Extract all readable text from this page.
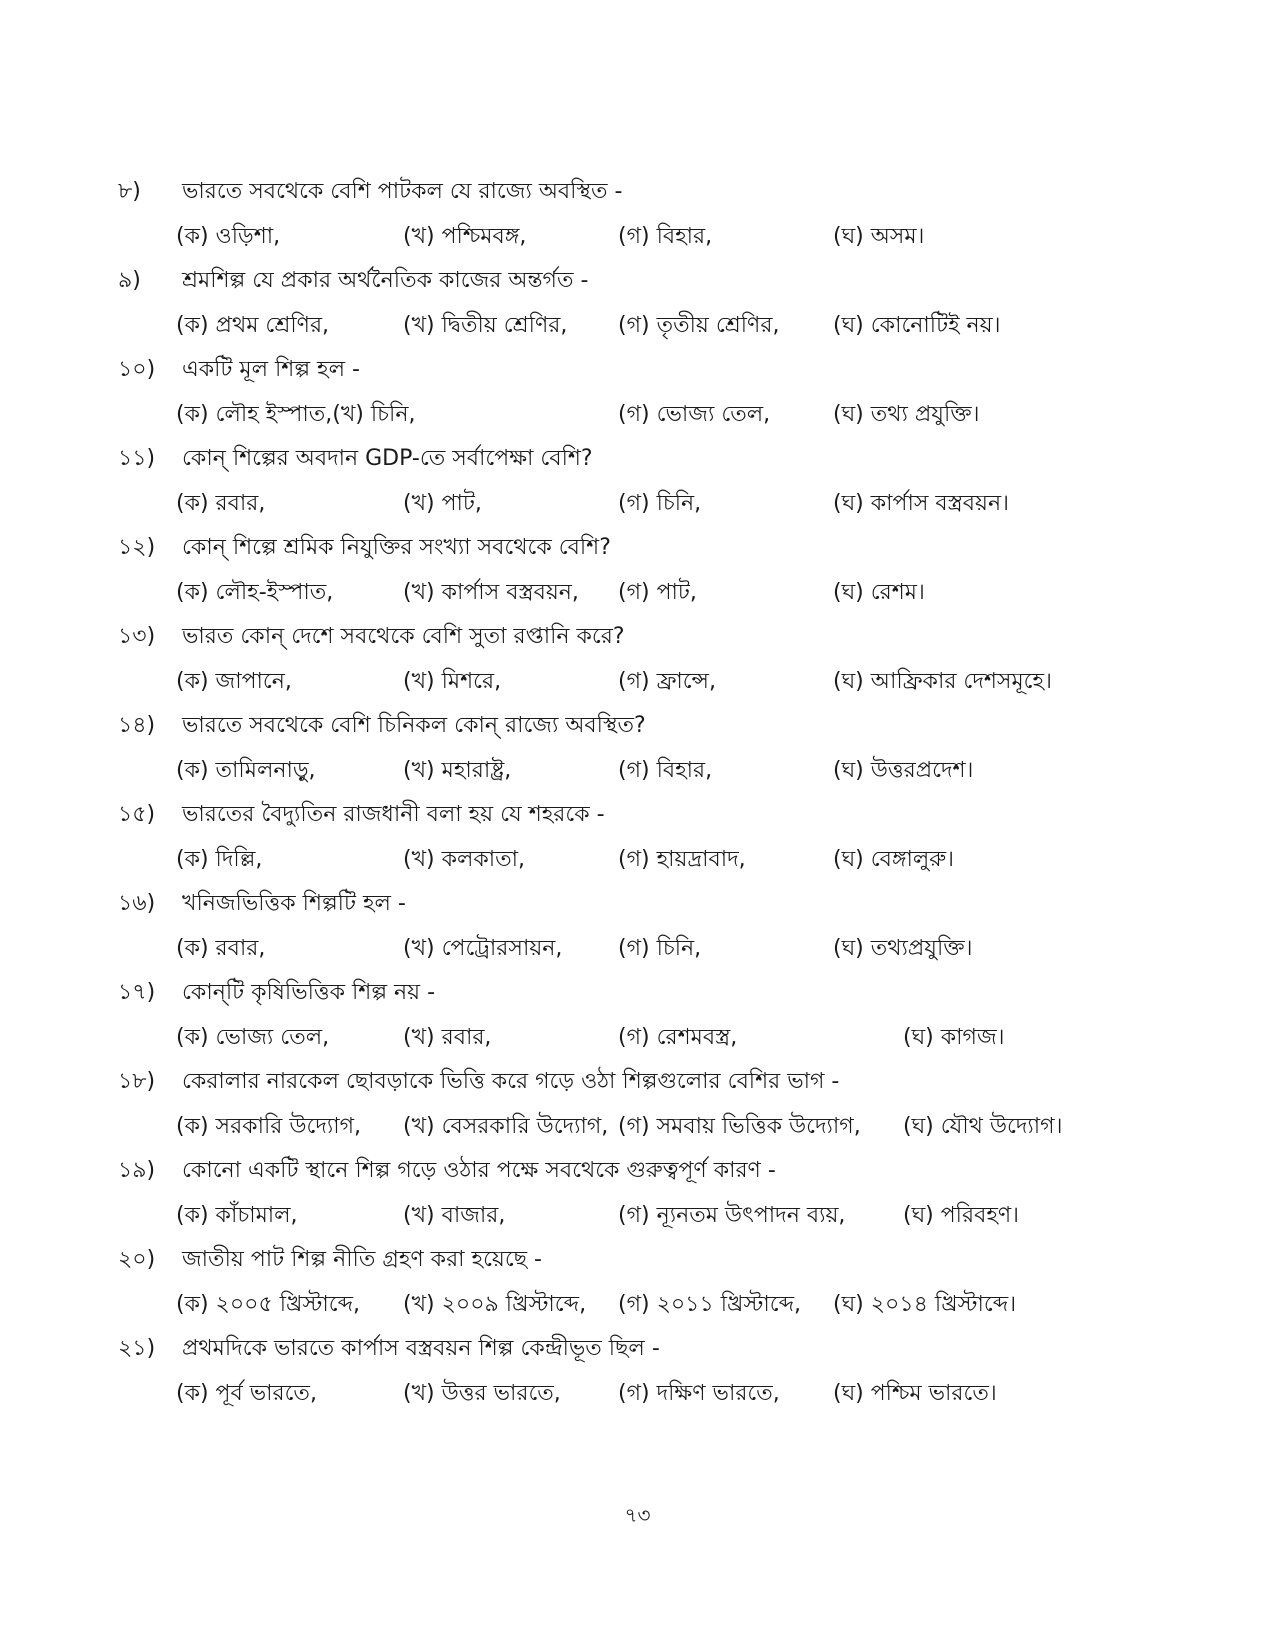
৮)	ভারতে সবথেকে বেশি পাটকল যে রাজ্যে অবস্থিত -
(ক) ওড়িশা,	(খ) পশ্চিমবঙ্গ,	(গ) বিহার,	(ঘ) অসম।
৯)	শ্রমশিল্প যে প্রকার অর্থনৈতিক কাজের অন্তর্গত -
(ক) প্রথম শ্রেণির,	(খ) দ্বিতীয় শ্রেণির, (গ) তৃতীয় শ্রেণির, (ঘ) কোনোটিই নয়।
১০)	একটি মূল শিল্প হল -
(ক) লৌহ ইস্পাত,(খ) চিনি,	(গ) ভোজ্য তেল,	(ঘ) তথ্য প্রযুক্তি।
১১)	কোন্ শিল্পের অবদান GDP-তে সর্বাপেক্ষা বেশি?
(ক) রবার,	(খ) পাট,	(গ) চিনি,	(ঘ) কার্পাস বস্ত্রবয়ন।
১২)	কোন্ শিল্পে শ্রমিক নিযুক্তির সংখ্যা সবথেকে বেশি?
(ক) লৌহ-ইস্পাত,	(খ) কার্পাস বস্ত্রবয়ন, (গ) পাট,	(ঘ) রেশম।
১৩)	ভারত কোন্ দেশে সবথেকে বেশি সুতা রপ্তানি করে?
(ক) জাপানে,	(খ) মিশরে,	(গ) ফ্রান্সে,	(ঘ) আফ্রিকার দেশসমূহে।
১৪)	ভারতে সবথেকে বেশি চিনিকল কোন্ রাজ্যে অবস্থিত?
(ক) তামিলনাড়ু,	(খ) মহারাষ্ট্র,	(গ) বিহার,	(ঘ) উত্তরপ্রদেশ।
১৫)	ভারতের বৈদ্যুতিন রাজধানী বলা হয় যে শহরকে -
(ক) দিল্লি,	(খ) কলকাতা,	(গ) হায়দ্রাবাদ,	(ঘ) বেঙ্গালুরু।
১৬)	খনিজভিত্তিক শিল্পটি হল -
(ক) রবার,	(খ) পেট্রোরসায়ন,	(গ) চিনি,	(ঘ) তথ্যপ্রযুক্তি।
১৭)	কোন্‌টি কৃষিভিত্তিক শিল্প নয় -
(ক) ভোজ্য তেল,	(খ) রবার,	(গ) রেশমবস্ত্র,	(ঘ) কাগজ।
১৮)	কেরালার নারকেল ছোবড়াকে ভিত্তি করে গড়ে ওঠা শিল্পগুলোর বেশির ভাগ -
(ক) সরকারি উদ্যোগ, (খ) বেসরকারি উদ্যোগ, (গ) সমবায় ভিত্তিক উদ্যোগ, (ঘ) যৌথ উদ্যোগ।
১৯)	কোনো একটি স্থানে শিল্প গড়ে ওঠার পক্ষে সবথেকে গুরুত্বপূর্ণ কারণ -
(ক) কাঁচামাল,	(খ) বাজার,	(গ) ন্যূনতম উৎপাদন ব্যয়,	(ঘ) পরিবহণ।
২০)	জাতীয় পাট শিল্প নীতি গ্রহণ করা হয়েছে -
(ক) ২০০৫ খ্রিস্টাব্দে, (খ) ২০০৯ খ্রিস্টাব্দে, (গ) ২০১১ খ্রিস্টাব্দে, (ঘ) ২০১৪ খ্রিস্টাব্দে।
২১)	প্রথমদিকে ভারতে কার্পাস বস্ত্রবয়ন শিল্প কেন্দ্রীভূত ছিল -
(ক) পূর্ব ভারতে,	(খ) উত্তর ভারতে,	(গ) দক্ষিণ ভারতে, (ঘ) পশ্চিম ভারতে।
৭৩
